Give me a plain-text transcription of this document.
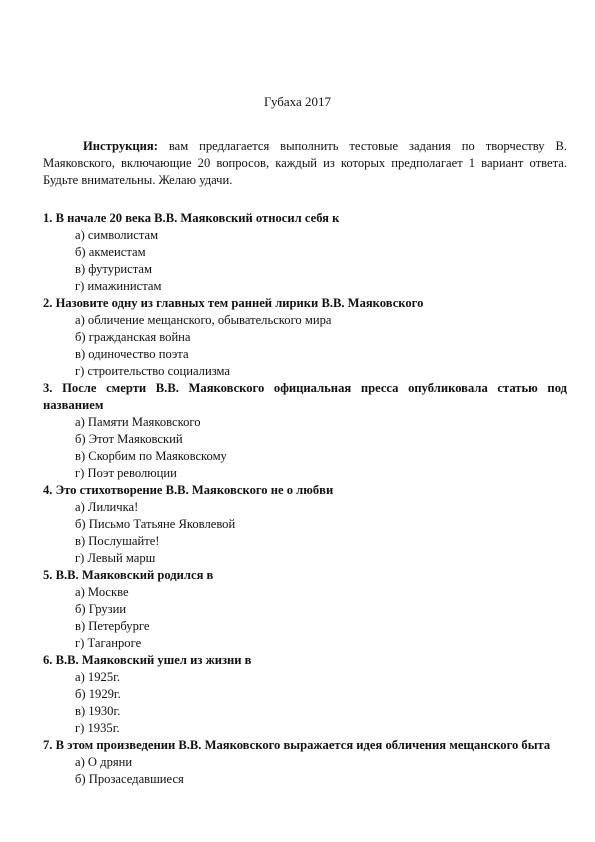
Губаха 2017
Инструкция: вам предлагается выполнить тестовые задания по творчеству В. Маяковского, включающие 20 вопросов, каждый из которых предполагает 1 вариант ответа. Будьте внимательны. Желаю удачи.
1. В начале 20 века В.В. Маяковский относил себя к
а) символистам
б) акмеистам
в) футуристам
г) имажинистам
2. Назовите одну из главных тем ранней лирики В.В. Маяковского
а) обличение мещанского, обывательского мира
б) гражданская война
в) одиночество поэта
г) строительство социализма
3. После смерти В.В. Маяковского официальная пресса опубликовала статью под названием
а) Памяти Маяковского
б) Этот Маяковский
в) Скорбим по Маяковскому
г) Поэт революции
4. Это стихотворение В.В. Маяковского не о любви
а) Лиличка!
б) Письмо Татьяне Яковлевой
в) Послушайте!
г) Левый марш
5. В.В. Маяковский родился в
а) Москве
б) Грузии
в) Петербурге
г) Таганроге
6. В.В. Маяковский ушел из жизни в
а) 1925г.
б) 1929г.
в) 1930г.
г) 1935г.
7. В этом произведении В.В. Маяковского выражается идея обличения мещанского быта
а) О дряни
б) Прозаседавшиеся
